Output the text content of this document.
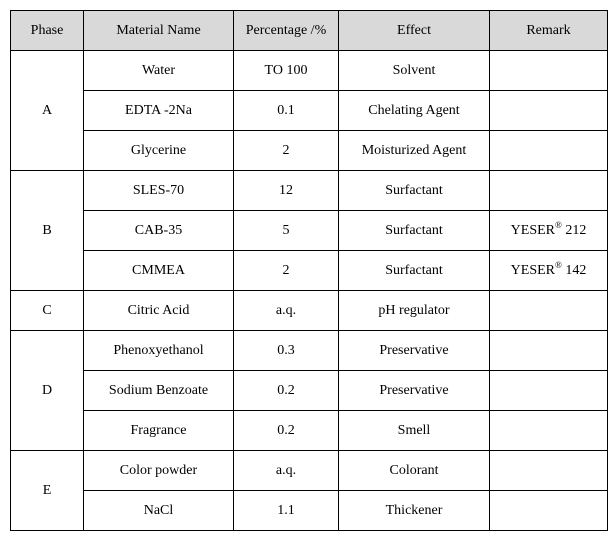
Phase	Material Name	Percentage /%	Effect	Remark
A	Water	TO 100	Solvent	
	EDTA -2Na	0.1	Chelating Agent	
	Glycerine	2	Moisturized Agent	
B	SLES-70	12	Surfactant	
	CAB-35	5	Surfactant	YESER® 212
	CMMEA	2	Surfactant	YESER® 142
C	Citric Acid	a.q.	pH regulator	
D	Phenoxyethanol	0.3	Preservative	
	Sodium Benzoate	0.2	Preservative	
	Fragrance	0.2	Smell	
E	Color powder	a.q.	Colorant	
	NaCl	1.1	Thickener	
